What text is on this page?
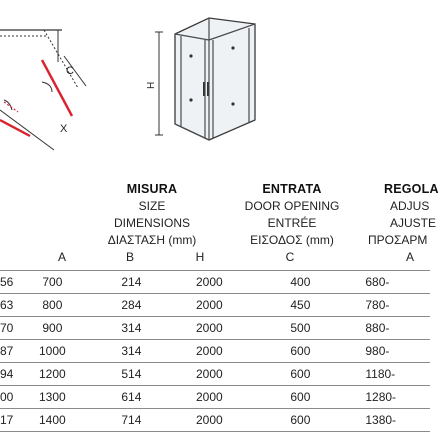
C
X
H
MISURA
SIZE
DIMENSIONS
ΔΙΑΣΤΑΣΗ (mm)
ENTRATA
DOOR OPENING
ENTRÉE
ΕΙΣΟΔΟΣ (mm)
REGOLA
ADJUS
AJUSTE
ΠΡΟΣΑΡΜ
A	B	H	C	A
56	700	214	2000	400	680-
63	800	284	2000	450	780-
70	900	314	2000	500	880-
87	1000	314	2000	600	980-
94	1200	514	2000	600	1180-
00	1300	614	2000	600	1280-
17	1400	714	2000	600	1380-
